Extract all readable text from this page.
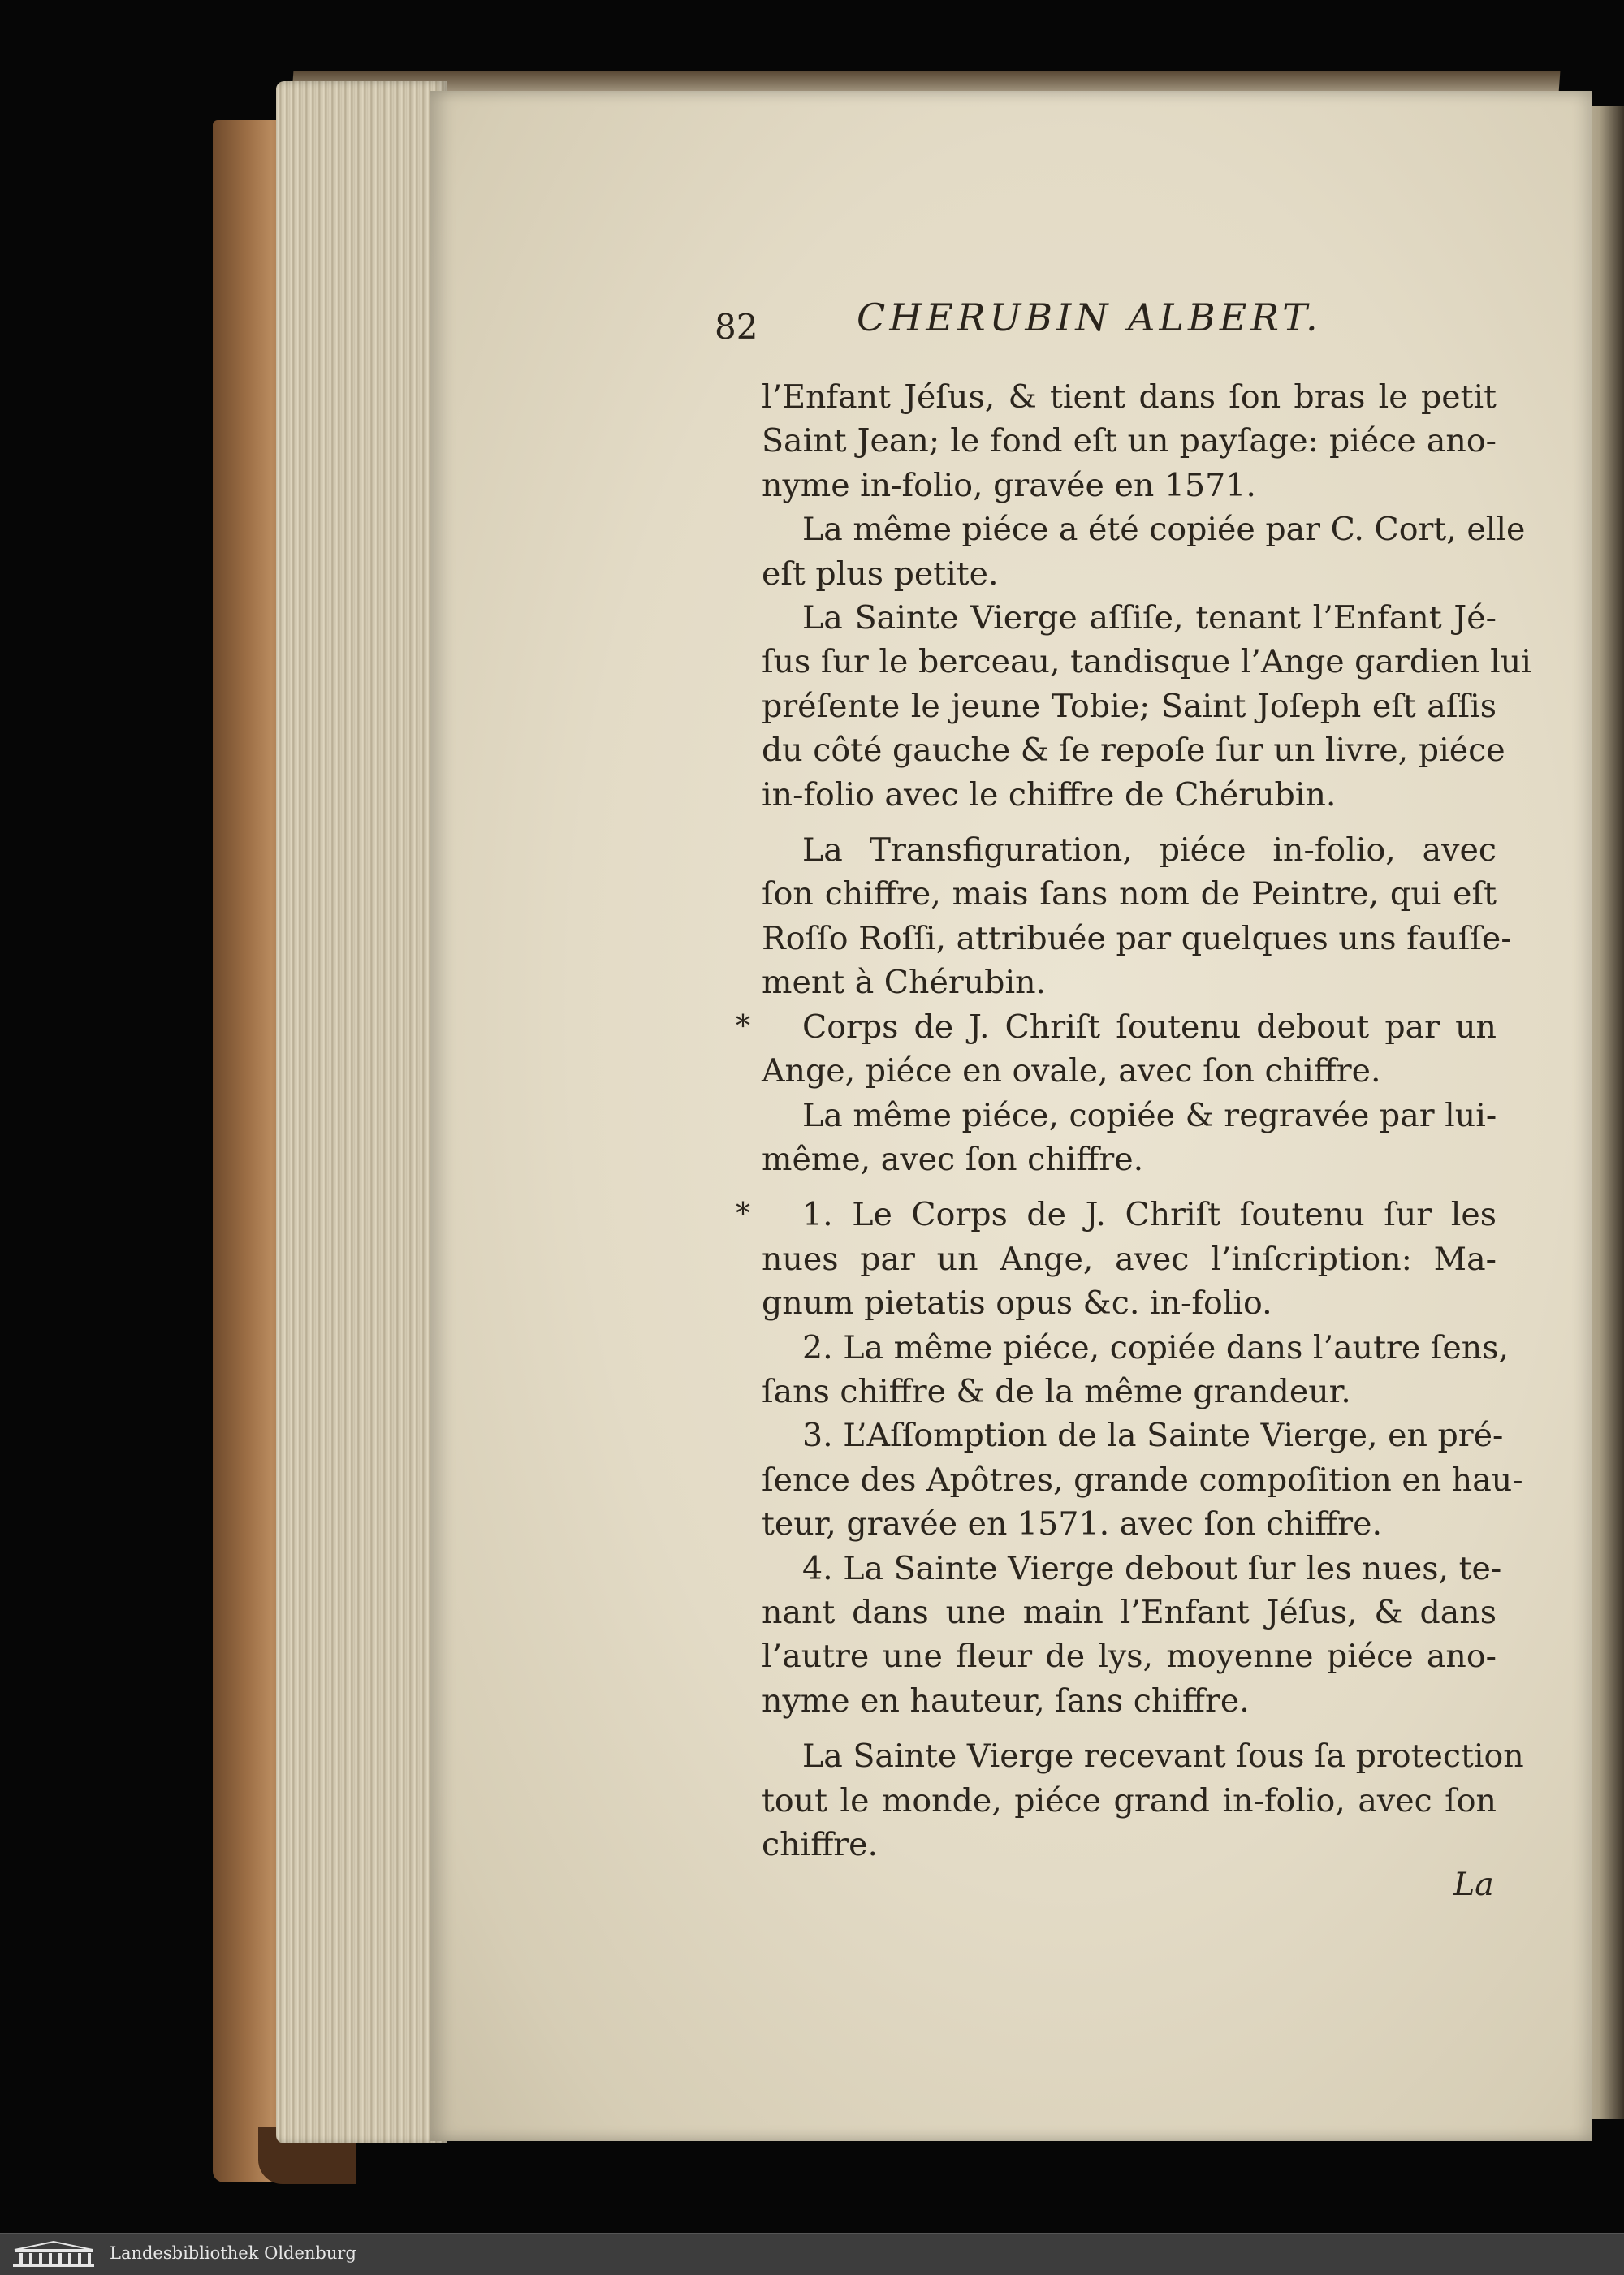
82	CHERUBIN ALBERT.
l’Enfant Jéſus, & tient dans ſon bras le petit
Saint Jean; le fond eſt un payſage: piéce ano-
nyme in-folio, gravée en 1571.
La même piéce a été copiée par C. Cort, elle
eſt plus petite.
La Sainte Vierge aſſiſe, tenant l’Enfant Jé-
ſus ſur le berceau, tandisque l’Ange gardien lui
préſente le jeune Tobie; Saint Joſeph eſt aſſis
du côté gauche & ſe repoſe ſur un livre, piéce
in-folio avec le chiffre de Chérubin.
La Transfiguration, piéce in-folio, avec
ſon chiffre, mais ſans nom de Peintre, qui eſt
Roſſo Roſſi, attribuée par quelques uns fauſſe-
ment à Chérubin.
*	Corps de J. Chriſt ſoutenu debout par un
Ange, piéce en ovale, avec ſon chiffre.
La même piéce, copiée & regravée par lui-
même, avec ſon chiffre.
*	1. Le Corps de J. Chriſt ſoutenu ſur les
nues par un Ange, avec l’inſcription: Ma-
gnum pietatis opus &c. in-folio.
2. La même piéce, copiée dans l’autre ſens,
ſans chiffre & de la même grandeur.
3. L’Aſſomption de la Sainte Vierge, en pré-
ſence des Apôtres, grande compoſition en hau-
teur, gravée en 1571. avec ſon chiffre.
4. La Sainte Vierge debout ſur les nues, te-
nant dans une main l’Enfant Jéſus, & dans
l’autre une fleur de lys, moyenne piéce ano-
nyme en hauteur, ſans chiffre.
La Sainte Vierge recevant ſous ſa protection
tout le monde, piéce grand in-folio, avec ſon
chiffre.
La
Landesbibliothek Oldenburg
